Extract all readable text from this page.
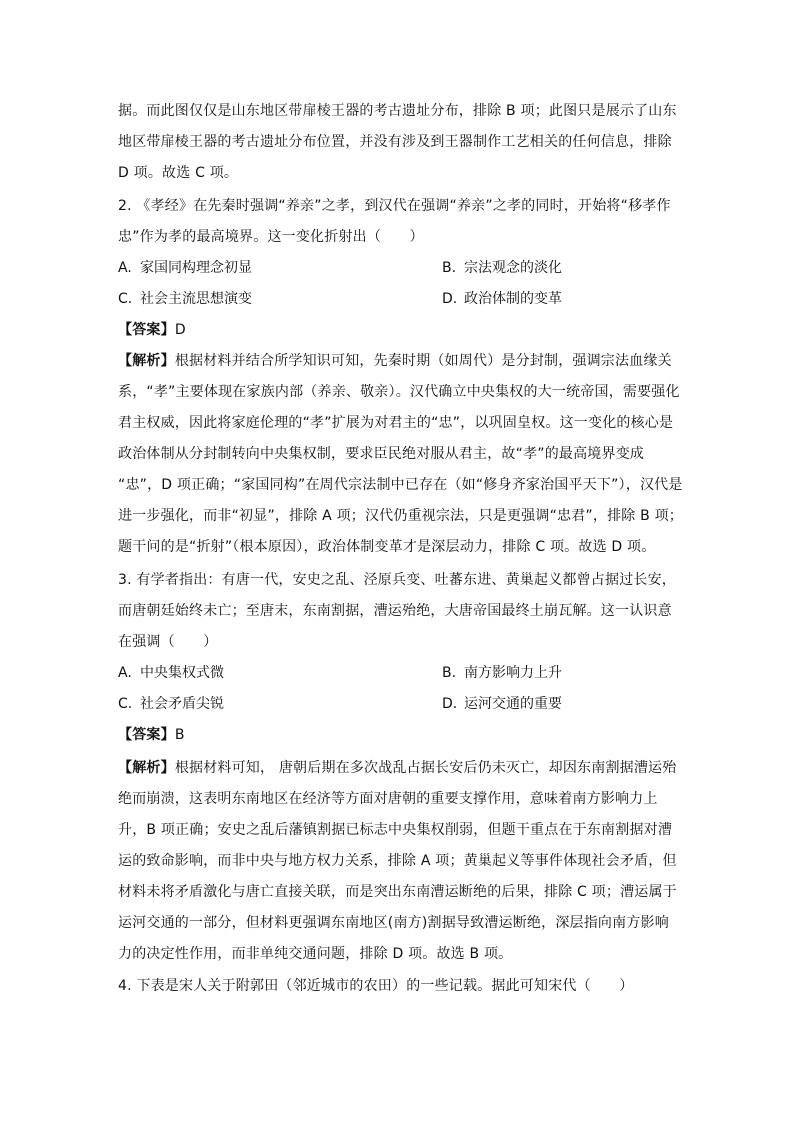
据。而此图仅仅是山东地区带扉棱王器的考古遗址分布，排除 B 项；此图只是展示了山东
地区带扉棱王器的考古遗址分布位置，并没有涉及到王器制作工艺相关的任何信息，排除
D 项。故选 C 项。
2. 《孝经》在先秦时强调“养亲”之孝，到汉代在强调“养亲”之孝的同时，开始将“移孝作
忠”作为孝的最高境界。这一变化折射出（　　）
A. 家国同构理念初显	B. 宗法观念的淡化
C. 社会主流思想演变	D. 政治体制的变革
【答案】D
【解析】根据材料并结合所学知识可知，先秦时期（如周代）是分封制，强调宗法血缘关
系，“孝”主要体现在家族内部（养亲、敬亲）。汉代确立中央集权的大一统帝国，需要强化
君主权威，因此将家庭伦理的“孝”扩展为对君主的“忠”，以巩固皇权。这一变化的核心是
政治体制从分封制转向中央集权制，要求臣民绝对服从君主，故“孝”的最高境界变成
“忠”，D 项正确；“家国同构”在周代宗法制中已存在（如“修身齐家治国平天下”），汉代是
进一步强化，而非“初显”，排除 A 项；汉代仍重视宗法，只是更强调“忠君”，排除 B 项；
题干问的是“折射”（根本原因），政治体制变革才是深层动力，排除 C 项。故选 D 项。
3. 有学者指出：有唐一代，安史之乱、泾原兵变、吐蕃东进、黄巢起义都曾占据过长安，
而唐朝廷始终未亡；至唐末，东南割据，漕运殆绝，大唐帝国最终土崩瓦解。这一认识意
在强调（　　）
A. 中央集权式微	B. 南方影响力上升
C. 社会矛盾尖锐	D. 运河交通的重要
【答案】B
【解析】根据材料可知， 唐朝后期在多次战乱占据长安后仍未灭亡，却因东南割据漕运殆
绝而崩溃，这表明东南地区在经济等方面对唐朝的重要支撑作用，意味着南方影响力上
升，B 项正确；安史之乱后藩镇割据已标志中央集权削弱，但题干重点在于东南割据对漕
运的致命影响，而非中央与地方权力关系，排除 A 项；黄巢起义等事件体现社会矛盾，但
材料未将矛盾激化与唐亡直接关联，而是突出东南漕运断绝的后果，排除 C 项；漕运属于
运河交通的一部分，但材料更强调东南地区(南方)割据导致漕运断绝，深层指向南方影响
力的决定性作用，而非单纯交通问题，排除 D 项。故选 B 项。
4. 下表是宋人关于附郭田（邻近城市的农田）的一些记载。据此可知宋代（　　）
